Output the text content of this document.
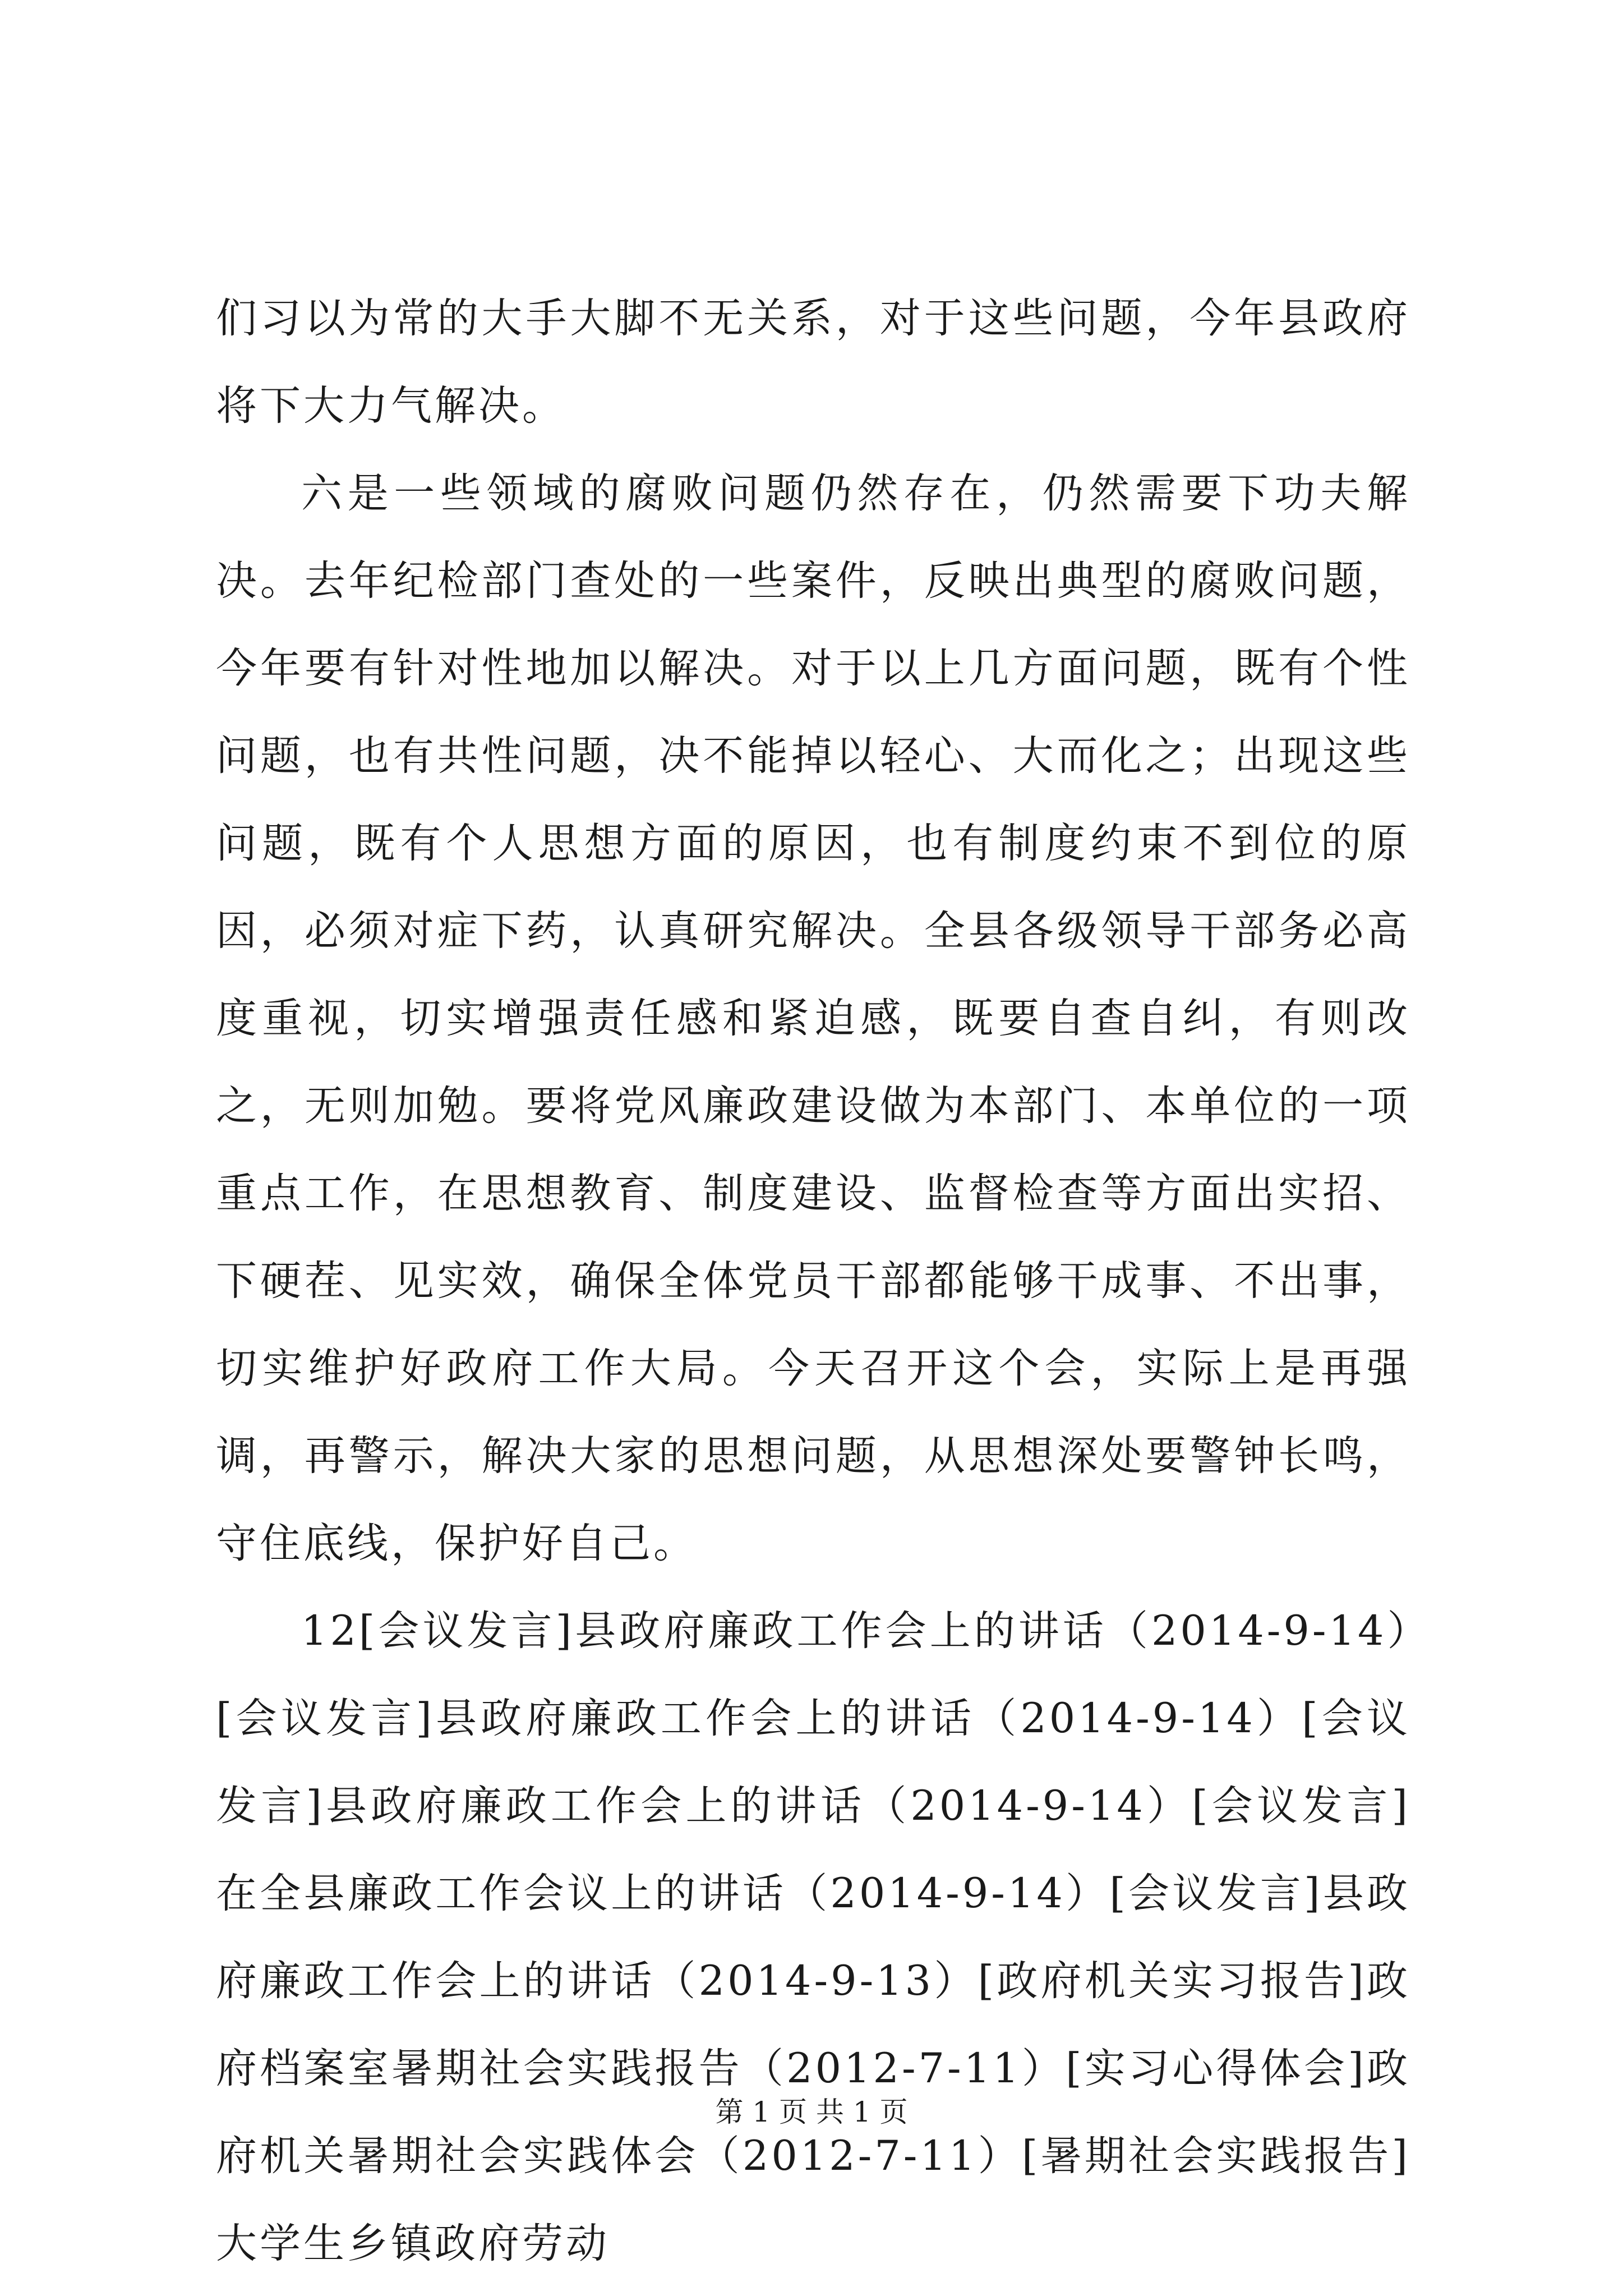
们习以为常的大手大脚不无关系，对于这些问题，今年县政府将下大力气解决。

六是一些领域的腐败问题仍然存在，仍然需要下功夫解决。去年纪检部门查处的一些案件，反映出典型的腐败问题，今年要有针对性地加以解决。对于以上几方面问题，既有个性问题，也有共性问题，决不能掉以轻心、大而化之；出现这些问题，既有个人思想方面的原因，也有制度约束不到位的原因，必须对症下药，认真研究解决。全县各级领导干部务必高度重视，切实增强责任感和紧迫感，既要自查自纠，有则改之，无则加勉。要将党风廉政建设做为本部门、本单位的一项重点工作，在思想教育、制度建设、监督检查等方面出实招、下硬茬、见实效，确保全体党员干部都能够干成事、不出事，切实维护好政府工作大局。今天召开这个会，实际上是再强调，再警示，解决大家的思想问题，从思想深处要警钟长鸣，守住底线，保护好自己。

12[会议发言]县政府廉政工作会上的讲话（2014-9-14）[会议发言]县政府廉政工作会上的讲话（2014-9-14）[会议发言]县政府廉政工作会上的讲话（2014-9-14）[会议发言]在全县廉政工作会议上的讲话（2014-9-14）[会议发言]县政府廉政工作会上的讲话（2014-9-13）[政府机关实习报告]政府档案室暑期社会实践报告（2012-7-11）[实习心得体会]政府机关暑期社会实践体会（2012-7-11）[暑期社会实践报告]大学生乡镇政府劳动

第 1 页 共 1 页
